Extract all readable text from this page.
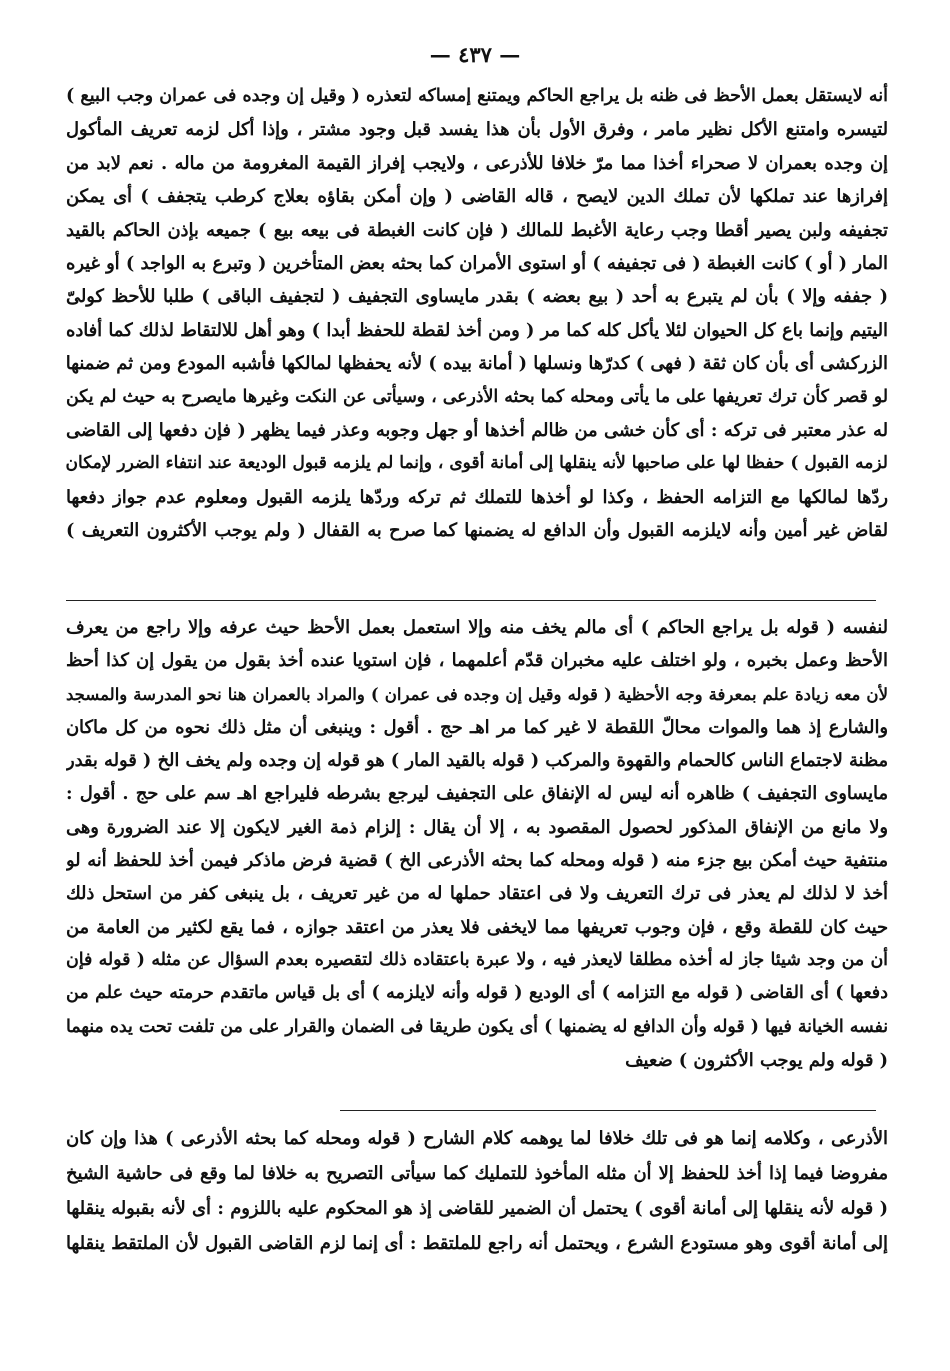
— ٤٣٧ —
أنه لايستقل بعمل الأحظ فى ظنه بل يراجع الحاكم ويمتنع إمساكه لتعذره ( وقيل إن وجده فى عمران وجب البيع )
لتيسره وامتنع الأكل نظير مامر ، وفرق الأول بأن هذا يفسد قبل وجود مشتر ، وإذا أكل لزمه تعريف المأكول
إن وجده بعمران لا صحراء أخذا مما مرّ خلافا للأذرعى ، ولايجب إفراز القيمة المغرومة من ماله . نعم لابد من
إفرازها عند تملكها لأن تملك الدين لايصح ، قاله القاضى ( وإن أمكن بقاؤه بعلاج كرطب يتجفف ) أى يمكن
تجفيفه ولبن يصير أقطا وجب رعاية الأغبط للمالك ( فإن كانت الغبطة فى بيعه بيع ) جميعه بإذن الحاكم بالقيد
المار ( أو ) كانت الغبطة ( فى تجفيفه ) أو استوى الأمران كما بحثه بعض المتأخرين ( وتبرع به الواجد ) أو غيره
( جففه وإلا ) بأن لم يتبرع به أحد ( بيع بعضه ) بقدر مايساوى التجفيف ( لتجفيف الباقى ) طلبا للأحظ كولىّ
اليتيم وإنما باع كل الحيوان لئلا يأكل كله كما مر ( ومن أخذ لقطة للحفظ أبدا ) وهو أهل للالتقاط لذلك كما أفاده
الزركشى أى بأن كان ثقة ( فهى ) كدرّها ونسلها ( أمانة بيده ) لأنه يحفظها لمالكها فأشبه المودع ومن ثم ضمنها
لو قصر كأن ترك تعريفها على ما يأتى ومحله كما بحثه الأذرعى ، وسيأتى عن النكت وغيرها مايصرح به حيث لم يكن
له عذر معتبر فى تركه : أى كأن خشى من ظالم أخذها أو جهل وجوبه وعذر فيما يظهر ( فإن دفعها إلى القاضى
لزمه القبول ) حفظا لها على صاحبها لأنه ينقلها إلى أمانة أقوى ، وإنما لم يلزمه قبول الوديعة عند انتفاء الضرر لإمكان
ردّها لمالكها مع التزامه الحفظ ، وكذا لو أخذها للتملك ثم تركه وردّها يلزمه القبول ومعلوم عدم جواز دفعها
لقاض غير أمين وأنه لايلزمه القبول وأن الدافع له يضمنها كما صرح به القفال ( ولم يوجب الأكثرون التعريف )
لنفسه ( قوله بل يراجع الحاكم ) أى مالم يخف منه وإلا استعمل بعمل الأحظ حيث عرفه وإلا راجع من يعرف
الأحظ وعمل بخبره ، ولو اختلف عليه مخبران قدّم أعلمهما ، فإن استويا عنده أخذ بقول من يقول إن كذا أحظ
لأن معه زيادة علم بمعرفة وجه الأحظية ( قوله وقيل إن وجده فى عمران ) والمراد بالعمران هنا نحو المدرسة والمسجد
والشارع إذ هما والموات محالّ اللقطة لا غير كما مر اهـ حج . أقول : وينبغى أن مثل ذلك نحوه من كل ماكان
مظنة لاجتماع الناس كالحمام والقهوة والمركب ( قوله بالقيد المار ) هو قوله إن وجده ولم يخف الخ ( قوله بقدر
مايساوى التجفيف ) ظاهره أنه ليس له الإنفاق على التجفيف ليرجع بشرطه فليراجع اهـ سم على حج . أقول :
ولا مانع من الإنفاق المذكور لحصول المقصود به ، إلا أن يقال : إلزام ذمة الغير لايكون إلا عند الضرورة وهى
منتفية حيث أمكن بيع جزء منه ( قوله ومحله كما بحثه الأذرعى الخ ) قضية فرض ماذكر فيمن أخذ للحفظ أنه لو
أخذ لا لذلك لم يعذر فى ترك التعريف ولا فى اعتقاد حملها له من غير تعريف ، بل ينبغى كفر من استحل ذلك
حيث كان للقطة وقع ، فإن وجوب تعريفها مما لايخفى فلا يعذر من اعتقد جوازه ، فما يقع لكثير من العامة من
أن من وجد شيئا جاز له أخذه مطلقا لايعذر فيه ، ولا عبرة باعتقاده ذلك لتقصيره بعدم السؤال عن مثله ( قوله فإن
دفعها ) أى القاضى ( قوله مع التزامه ) أى الوديع ( قوله وأنه لايلزمه ) أى بل قياس ماتقدم حرمته حيث علم من
نفسه الخيانة فيها ( قوله وأن الدافع له يضمنها ) أى يكون طريقا فى الضمان والقرار على من تلفت تحت يده منهما
( قوله ولم يوجب الأكثرون ) ضعيف
الأذرعى ، وكلامه إنما هو فى تلك خلافا لما يوهمه كلام الشارح ( قوله ومحله كما بحثه الأذرعى ) هذا وإن كان
مفروضا فيما إذا أخذ للحفظ إلا أن مثله المأخوذ للتمليك كما سيأتى التصريح به خلافا لما وقع فى حاشية الشيخ
( قوله لأنه ينقلها إلى أمانة أقوى ) يحتمل أن الضمير للقاضى إذ هو المحكوم عليه باللزوم : أى لأنه بقبوله ينقلها
إلى أمانة أقوى وهو مستودع الشرع ، ويحتمل أنه راجع للملتقط : أى إنما لزم القاضى القبول لأن الملتقط ينقلها
